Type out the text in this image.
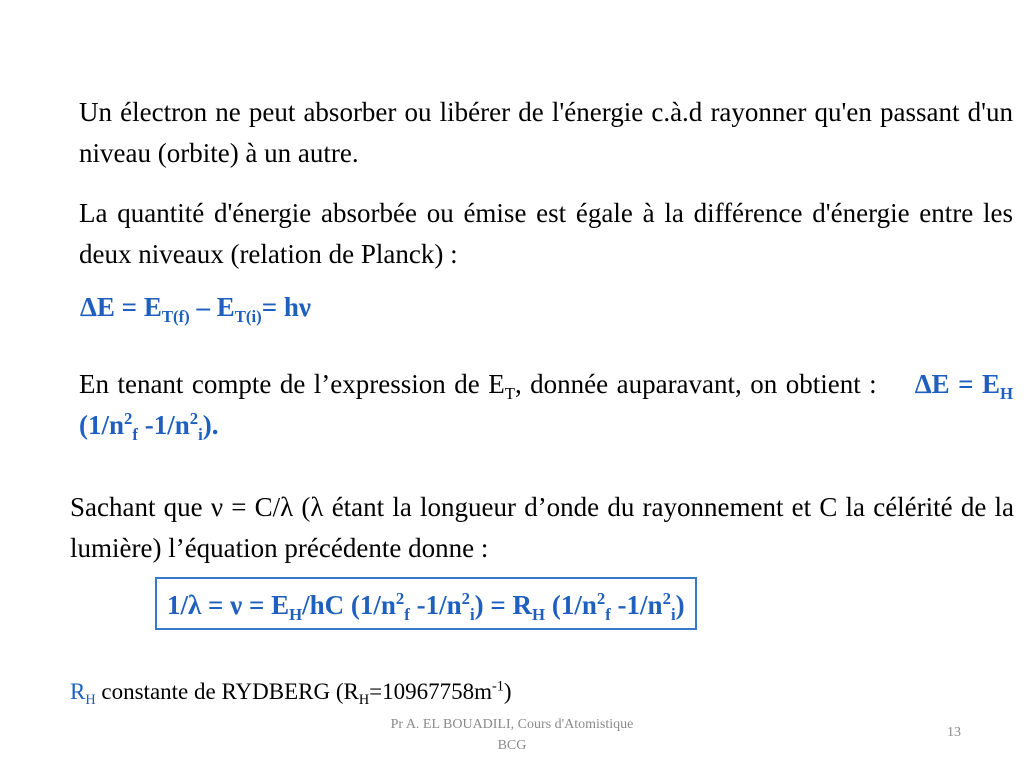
Un électron ne peut absorber ou libérer de l'énergie c.à.d rayonner qu'en passant d'un niveau (orbite) à un autre.
La quantité d'énergie absorbée ou émise est égale à la différence d'énergie entre les deux niveaux (relation de Planck) :
$\Delta E = E_{T(f)} - E_{T(i)}= h\nu$
En tenant compte de l’expression de $E_T$, donnée auparavant, on obtient : $\Delta E = E_H$ ($1/n^2_f$ $-1/n^2_i$).
Sachant que ν = C/λ (λ étant la longueur d’onde du rayonnement et C la célérité de la lumière) l’équation précédente donne :
$1/\lambda = \nu = E_H/hC$ ($1/n^2_f$ $-1/n^2_i) = R_H$ ($1/n^2_f$ $-1/n^2_i$)
$R_H$ constante de RYDBERG $(R_H=10967758m^{-1})$
Pr A. EL BOUADILI, Cours d'Atomistique
BCG
13
